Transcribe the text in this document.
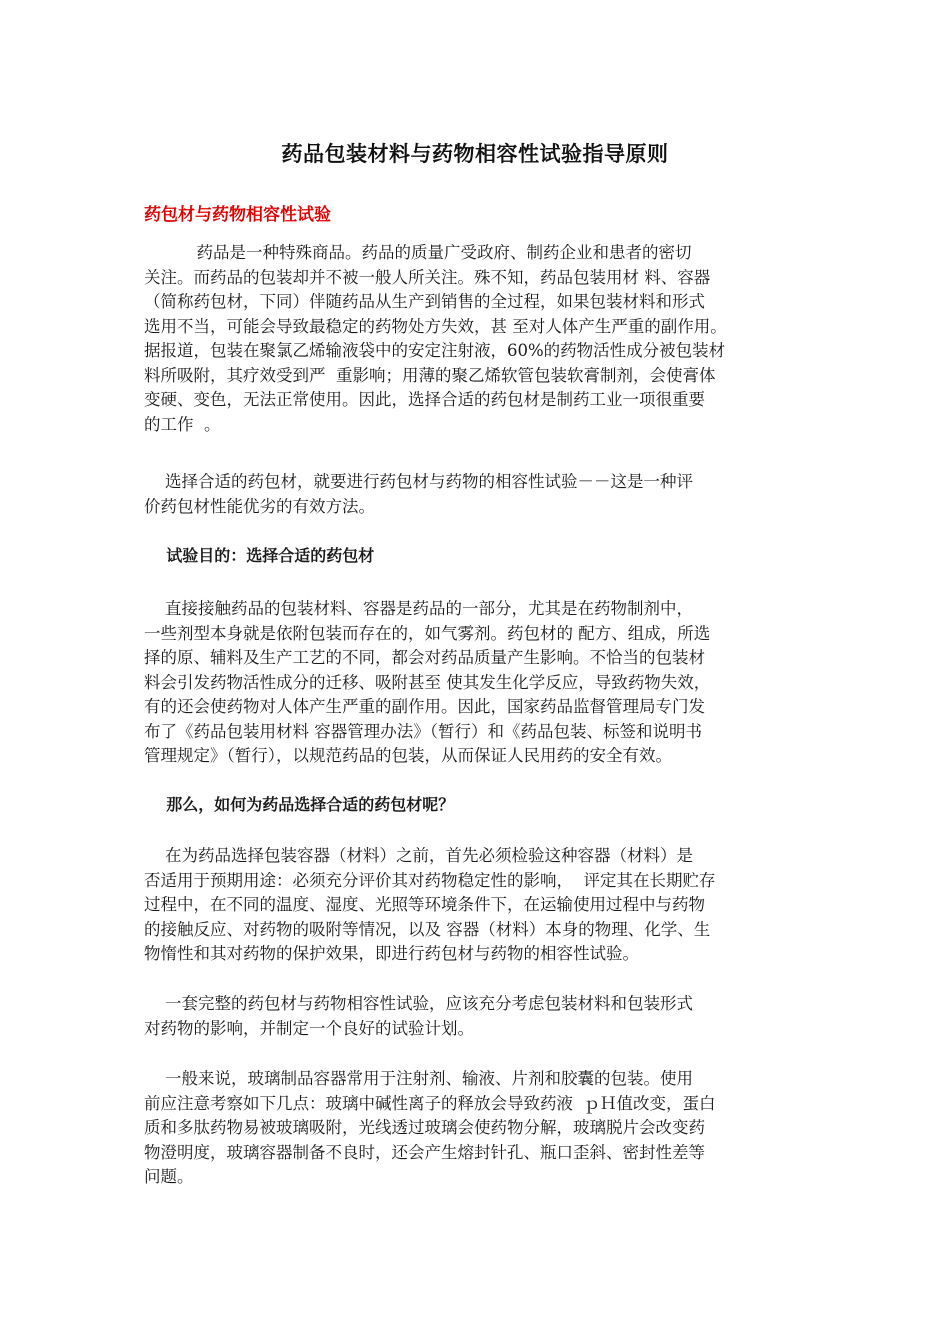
药品包装材料与药物相容性试验指导原则
药包材与药物相容性试验
药品是一种特殊商品。药品的质量广受政府、制药企业和患者的密切
关注。而药品的包装却并不被一般人所关注。殊不知，药品包装用材 料、容器
（简称药包材，下同）伴随药品从生产到销售的全过程，如果包装材料和形式
选用不当，可能会导致最稳定的药物处方失效，甚 至对人体产生严重的副作用。
据报道，包装在聚氯乙烯输液袋中的安定注射液，60%的药物活性成分被包装材
料所吸附，其疗效受到严  重影响；用薄的聚乙烯软管包装软膏制剂，会使膏体
变硬、变色，无法正常使用。因此，选择合适的药包材是制药工业一项很重要
的工作  。
选择合适的药包材，就要进行药包材与药物的相容性试验－－这是一种评
价药包材性能优劣的有效方法。
试验目的：选择合适的药包材
直接接触药品的包装材料、容器是药品的一部分，尤其是在药物制剂中，
一些剂型本身就是依附包装而存在的，如气雾剂。药包材的 配方、组成，所选
择的原、辅料及生产工艺的不同，都会对药品质量产生影响。不恰当的包装材
料会引发药物活性成分的迁移、吸附甚至 使其发生化学反应，导致药物失效，
有的还会使药物对人体产生严重的副作用。因此，国家药品监督管理局专门发
布了《药品包装用材料 容器管理办法》（暂行）和《药品包装、标签和说明书
管理规定》（暂行），以规范药品的包装，从而保证人民用药的安全有效。
那么，如何为药品选择合适的药包材呢？
在为药品选择包装容器（材料）之前，首先必须检验这种容器（材料）是
否适用于预期用途：必须充分评价其对药物稳定性的影响，  评定其在长期贮存
过程中，在不同的温度、湿度、光照等环境条件下，在运输使用过程中与药物
的接触反应、对药物的吸附等情况，以及 容器（材料）本身的物理、化学、生
物惰性和其对药物的保护效果，即进行药包材与药物的相容性试验。
一套完整的药包材与药物相容性试验，应该充分考虑包装材料和包装形式
对药物的影响，并制定一个良好的试验计划。
一般来说，玻璃制品容器常用于注射剂、输液、片剂和胶囊的包装。使用
前应注意考察如下几点：玻璃中碱性离子的释放会导致药液  ｐＨ值改变，蛋白
质和多肽药物易被玻璃吸附，光线透过玻璃会使药物分解，玻璃脱片会改变药
物澄明度，玻璃容器制备不良时，还会产生熔封针孔、瓶口歪斜、密封性差等
问题。
